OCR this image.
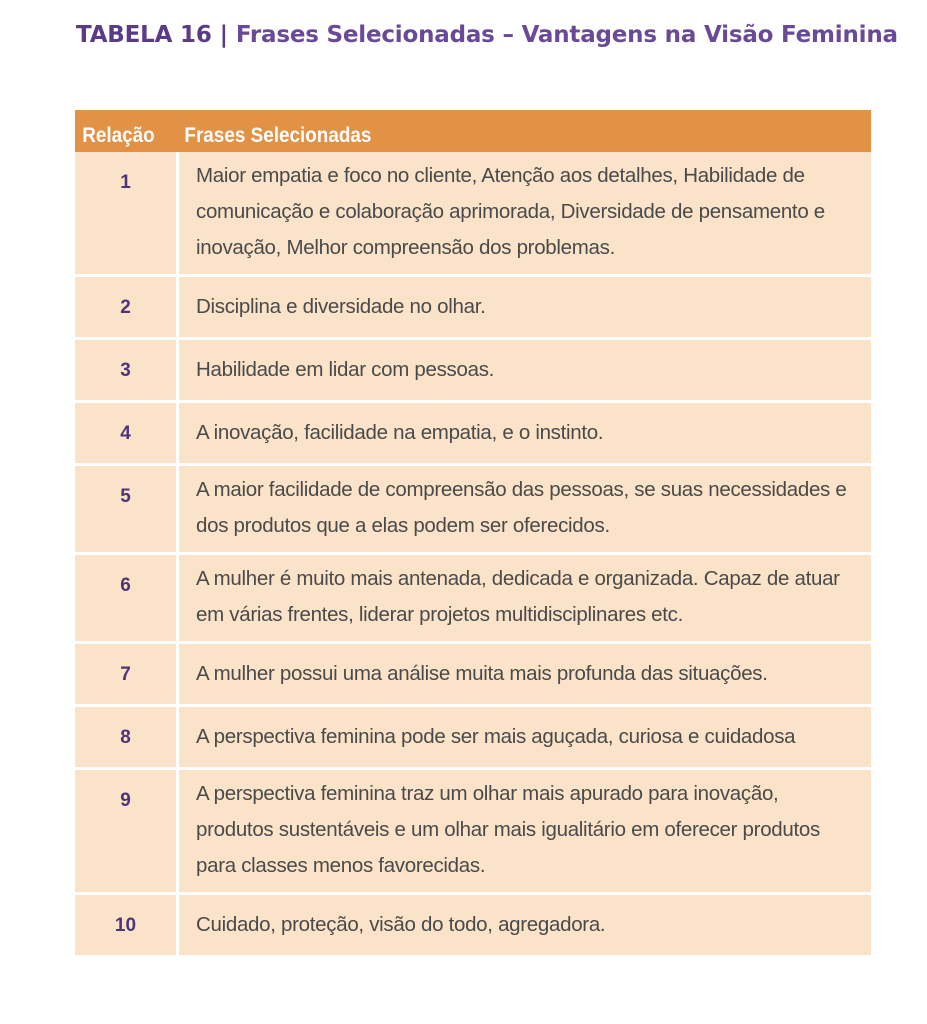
TABELA 16 | Frases Selecionadas – Vantagens na Visão Feminina
Relação	Frases Selecionadas
1	Maior empatia e foco no cliente, Atenção aos detalhes, Habilidade de comunicação e colaboração aprimorada, Diversidade de pensamento e inovação, Melhor compreensão dos problemas.
2	Disciplina e diversidade no olhar.
3	Habilidade em lidar com pessoas.
4	A inovação, facilidade na empatia, e o instinto.
5	A maior facilidade de compreensão das pessoas, se suas necessidades e dos produtos que a elas podem ser oferecidos.
6	A mulher é muito mais antenada, dedicada e organizada. Capaz de atuar em várias frentes, liderar projetos multidisciplinares etc.
7	A mulher possui uma análise muita mais profunda das situações.
8	A perspectiva feminina pode ser mais aguçada, curiosa e cuidadosa
9	A perspectiva feminina traz um olhar mais apurado para inovação, produtos sustentáveis e um olhar mais igualitário em oferecer produtos para classes menos favorecidas.
10	Cuidado, proteção, visão do todo, agregadora.
